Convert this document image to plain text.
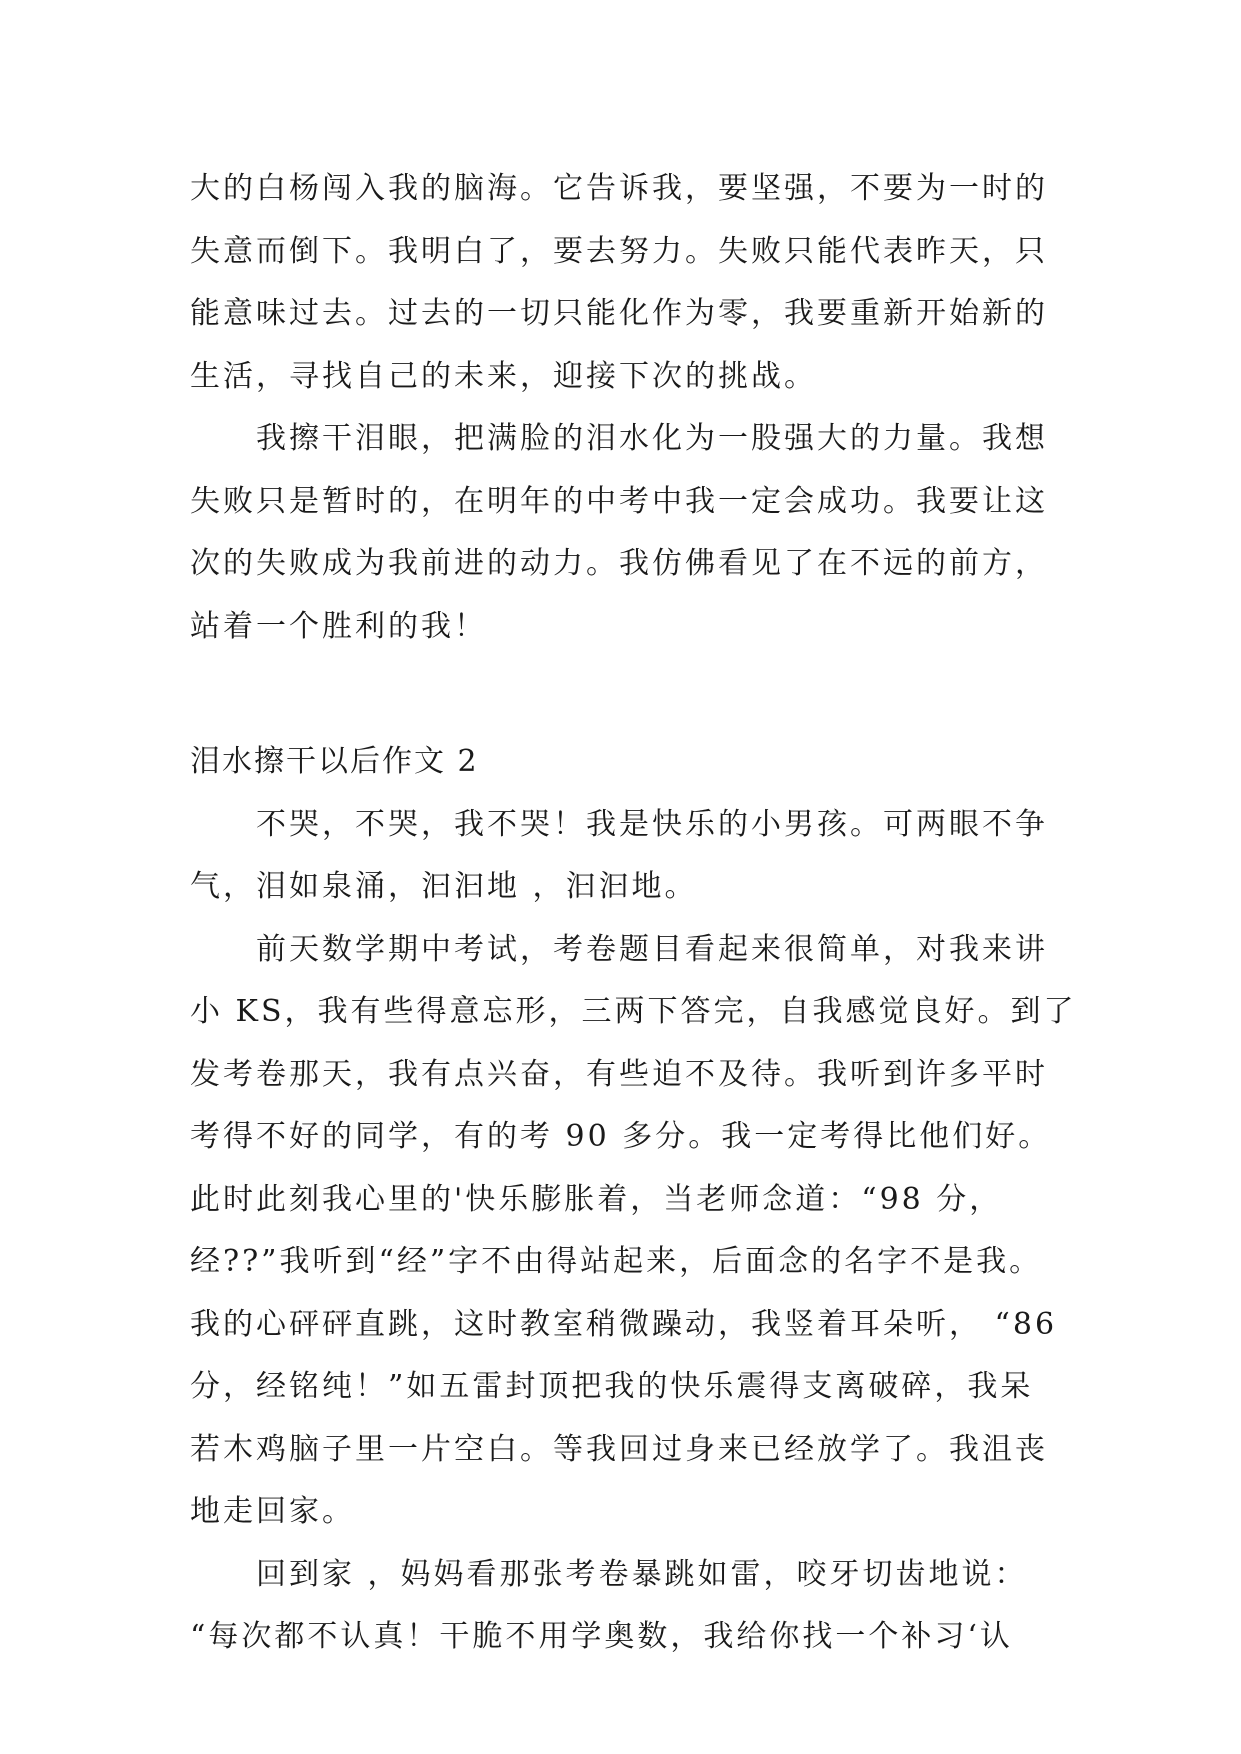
大的白杨闯入我的脑海。它告诉我，要坚强，不要为一时的
失意而倒下。我明白了，要去努力。失败只能代表昨天，只
能意味过去。过去的一切只能化作为零，我要重新开始新的
生活，寻找自己的未来，迎接下次的挑战。
我擦干泪眼，把满脸的泪水化为一股强大的力量。我想
失败只是暂时的，在明年的中考中我一定会成功。我要让这
次的失败成为我前进的动力。我仿佛看见了在不远的前方，
站着一个胜利的我！
泪水擦干以后作文 2
不哭，不哭，我不哭！我是快乐的小男孩。可两眼不争
气，泪如泉涌，汩汩地 ，汩汩地。
前天数学期中考试，考卷题目看起来很简单，对我来讲
小 KS，我有些得意忘形，三两下答完，自我感觉良好。到了
发考卷那天，我有点兴奋，有些迫不及待。我听到许多平时
考得不好的同学，有的考 90 多分。我一定考得比他们好。
此时此刻我心里的'快乐膨胀着，当老师念道：“98 分，
经??”我听到“经”字不由得站起来，后面念的名字不是我。
我的心砰砰直跳，这时教室稍微躁动，我竖着耳朵听， “86
分，经铭纯！”如五雷封顶把我的快乐震得支离破碎，我呆
若木鸡脑子里一片空白。等我回过身来已经放学了。我沮丧
地走回家。
回到家 ，妈妈看那张考卷暴跳如雷，咬牙切齿地说：
“每次都不认真！干脆不用学奥数，我给你找一个补习‘认
